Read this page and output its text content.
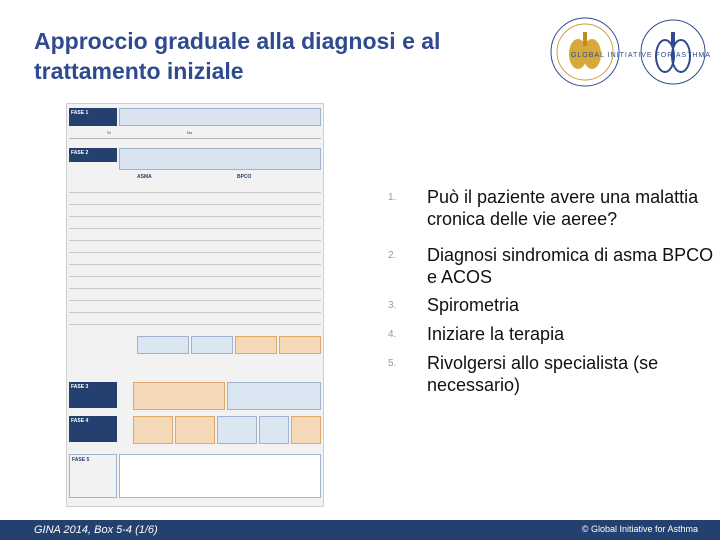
Approccio graduale alla diagnosi e al trattamento iniziale
GLOBAL INITIATIVE FOR ASTHMA
FASE 1
Sì	No
FASE 2
ASMA	BPCO
FASE 3
FASE 4
FASE 5
1. Può il paziente avere una malattia cronica delle vie aeree?
2. Diagnosi sindromica di asma BPCO e ACOS
3. Spirometria
4. Iniziare la terapia
5. Rivolgersi allo specialista (se necessario)
GINA 2014, Box 5-4 (1/6)	© Global Initiative for Asthma
